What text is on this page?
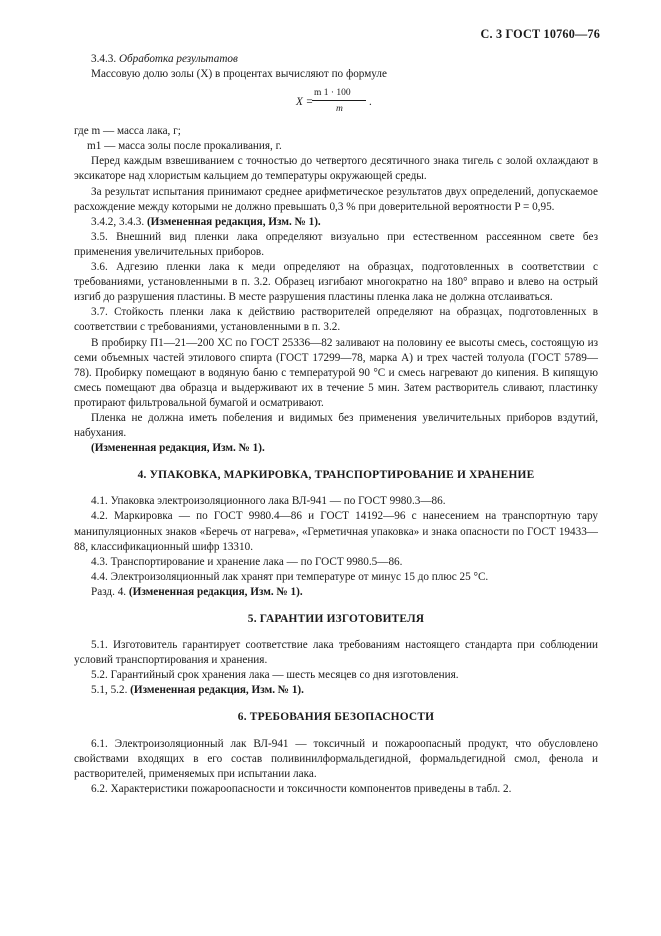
С. 3 ГОСТ 10760—76

3.4.3. Обработка результатов

Массовую долю золы (X) в процентах вычисляют по формуле

X =
m 1 · 100
m
.

где m — масса лака, г;

m1 — масса золы после прокаливания, г.

Перед каждым взвешиванием с точностью до четвертого десятичного знака тигель с золой охлаждают в эксикаторе над хлористым кальцием до температуры окружающей среды.

За результат испытания принимают среднее арифметическое результатов двух определений, допускаемое расхождение между которыми не должно превышать 0,3 % при доверительной вероятности P = 0,95.

3.4.2, 3.4.3. (Измененная редакция, Изм. № 1).

3.5. Внешний вид пленки лака определяют визуально при естественном рассеянном свете без применения увеличительных приборов.

3.6. Адгезию пленки лака к меди определяют на образцах, подготовленных в соответствии с требованиями, установленными в п. 3.2. Образец изгибают многократно на 180° вправо и влево на острый изгиб до разрушения пластины. В месте разрушения пластины пленка лака не должна отслаиваться.

3.7. Стойкость пленки лака к действию растворителей определяют на образцах, подготовленных в соответствии с требованиями, установленными в п. 3.2.

В пробирку П1—21—200 ХС по ГОСТ 25336—82 заливают на половину ее высоты смесь, состоящую из семи объемных частей этилового спирта (ГОСТ 17299—78, марка А) и трех частей толуола (ГОСТ 5789—78). Пробирку помещают в водяную баню с температурой 90 °С и смесь нагревают до кипения. В кипящую смесь помещают два образца и выдерживают их в течение 5 мин. Затем растворитель сливают, пластинку протирают фильтровальной бумагой и осматривают.

Пленка не должна иметь побеления и видимых без применения увеличительных приборов вздутий, набухания.

(Измененная редакция, Изм. № 1).

4. УПАКОВКА, МАРКИРОВКА, ТРАНСПОРТИРОВАНИЕ И ХРАНЕНИЕ

4.1. Упаковка электроизоляционного лака ВЛ-941 — по ГОСТ 9980.3—86.

4.2. Маркировка — по ГОСТ 9980.4—86 и ГОСТ 14192—96 с нанесением на транспортную тару манипуляционных знаков «Беречь от нагрева», «Герметичная упаковка» и знака опасности по ГОСТ 19433—88, классификационный шифр 13310.

4.3. Транспортирование и хранение лака — по ГОСТ 9980.5—86.

4.4. Электроизоляционный лак хранят при температуре от минус 15 до плюс 25 °С.

Разд. 4. (Измененная редакция, Изм. № 1).

5. ГАРАНТИИ ИЗГОТОВИТЕЛЯ

5.1. Изготовитель гарантирует соответствие лака требованиям настоящего стандарта при соблюдении условий транспортирования и хранения.

5.2. Гарантийный срок хранения лака — шесть месяцев со дня изготовления.

5.1, 5.2. (Измененная редакция, Изм. № 1).

6. ТРЕБОВАНИЯ БЕЗОПАСНОСТИ

6.1. Электроизоляционный лак ВЛ-941 — токсичный и пожароопасный продукт, что обусловлено свойствами входящих в его состав поливинилформальдегидной, формальдегидной смол, фенола и растворителей, применяемых при испытании лака.

6.2. Характеристики пожароопасности и токсичности компонентов приведены в табл. 2.
